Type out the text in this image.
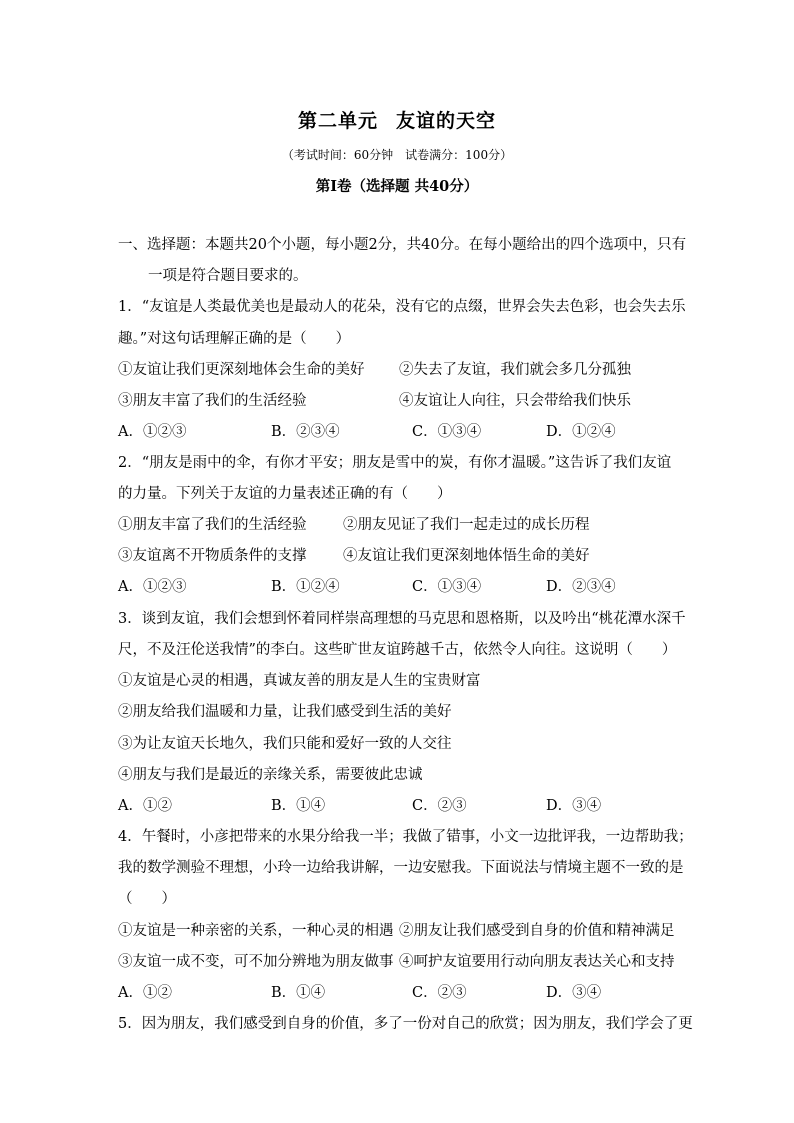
第二单元 友谊的天空
（考试时间：60分钟　试卷满分：100分）
第Ⅰ卷（选择题 共40分）
一、选择题：本题共20个小题，每小题2分，共40分。在每小题给出的四个选项中，只有
一项是符合题目要求的。
1．“友谊是人类最优美也是最动人的花朵，没有它的点缀，世界会失去色彩，也会失去乐
趣。”对这句话理解正确的是（　　）
①友谊让我们更深刻地体会生命的美好 ②失去了友谊，我们就会多几分孤独
③朋友丰富了我们的生活经验	④友谊让人向往，只会带给我们快乐
A．①②③	B．②③④	C．①③④	D．①②④
2．“朋友是雨中的伞，有你才平安；朋友是雪中的炭，有你才温暖。”这告诉了我们友谊
的力量。下列关于友谊的力量表述正确的有（　　）
①朋友丰富了我们的生活经验	②朋友见证了我们一起走过的成长历程
③友谊离不开物质条件的支撑	④友谊让我们更深刻地体悟生命的美好
A．①②③	B．①②④	C．①③④	D．②③④
3．谈到友谊，我们会想到怀着同样崇高理想的马克思和恩格斯，以及吟出“桃花潭水深千
尺，不及汪伦送我情”的李白。这些旷世友谊跨越千古，依然令人向往。这说明（　　）
①友谊是心灵的相遇，真诚友善的朋友是人生的宝贵财富
②朋友给我们温暖和力量，让我们感受到生活的美好
③为让友谊天长地久，我们只能和爱好一致的人交往
④朋友与我们是最近的亲缘关系，需要彼此忠诚
A．①②	B．①④	C．②③	D．③④
4．午餐时，小彦把带来的水果分给我一半；我做了错事，小文一边批评我，一边帮助我；
我的数学测验不理想，小玲一边给我讲解，一边安慰我。下面说法与情境主题不一致的是
（　　）
①友谊是一种亲密的关系，一种心灵的相遇 ②朋友让我们感受到自身的价值和精神满足
③友谊一成不变，可不加分辨地为朋友做事 ④呵护友谊要用行动向朋友表达关心和支持
A．①②	B．①④	C．②③	D．③④
5．因为朋友，我们感受到自身的价值，多了一份对自己的欣赏；因为朋友，我们学会了更
